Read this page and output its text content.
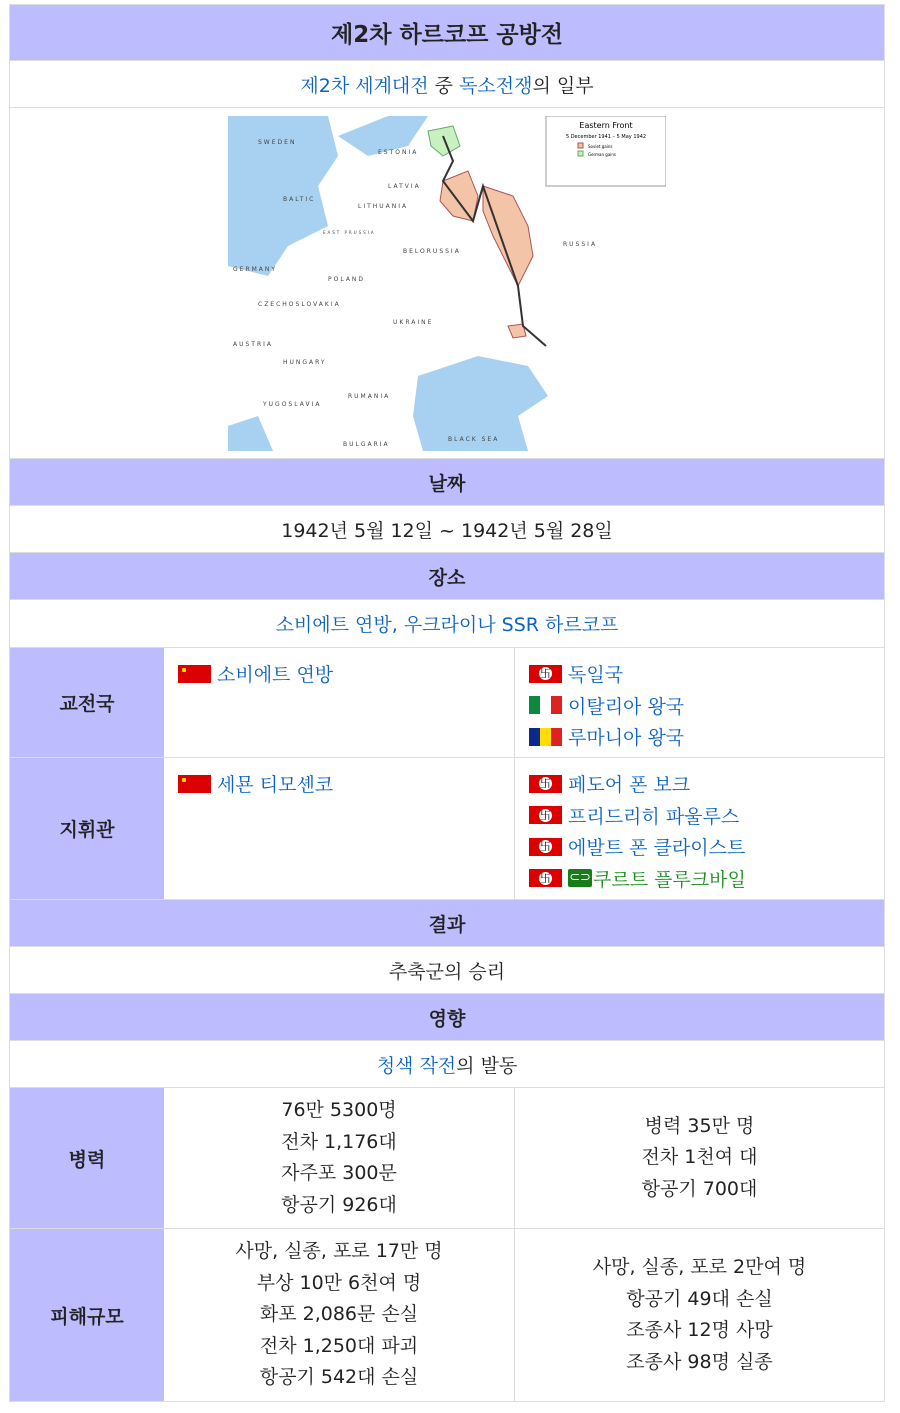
제2차 하르코프 공방전
제2차 세계대전 중 독소전쟁 의 일부
Eastern Front
5 December 1941 – 5 May 1942
Soviet gains
German gains
SWEDEN
BALTIC
LATVIA
LITHUANIA
ESTONIA
GERMANY
POLAND
BELORUSSIA
RUSSIA
UKRAINE
CZECHOSLOVAKIA
AUSTRIA
HUNGARY
RUMANIA
YUGOSLAVIA
BULGARIA
BLACK SEA
EAST PRUSSIA
날짜
1942년 5월 12일 ~ 1942년 5월 28일
장소
소비에트 연방, 우크라이나 SSR 하르코프
교전국
소비에트 연방	卐 독일국
이탈리아 왕국
루마니아 왕국
지휘관
세묜 티모셴코	卐 페도어 폰 보크
卐 프리드리히 파울루스
卐 에발트 폰 클라이스트
卐 ⊂⊃ 쿠르트 플루크바일
결과
추축군의 승리
영향
청색 작전 의 발동
병력
76만 5300명
전차 1,176대
자주포 300문
항공기 926대
병력 35만 명
전차 1천여 대
항공기 700대
피해규모
사망, 실종, 포로 17만 명
부상 10만 6천여 명
화포 2,086문 손실
전차 1,250대 파괴
항공기 542대 손실
사망, 실종, 포로 2만여 명
항공기 49대 손실
조종사 12명 사망
조종사 98명 실종
